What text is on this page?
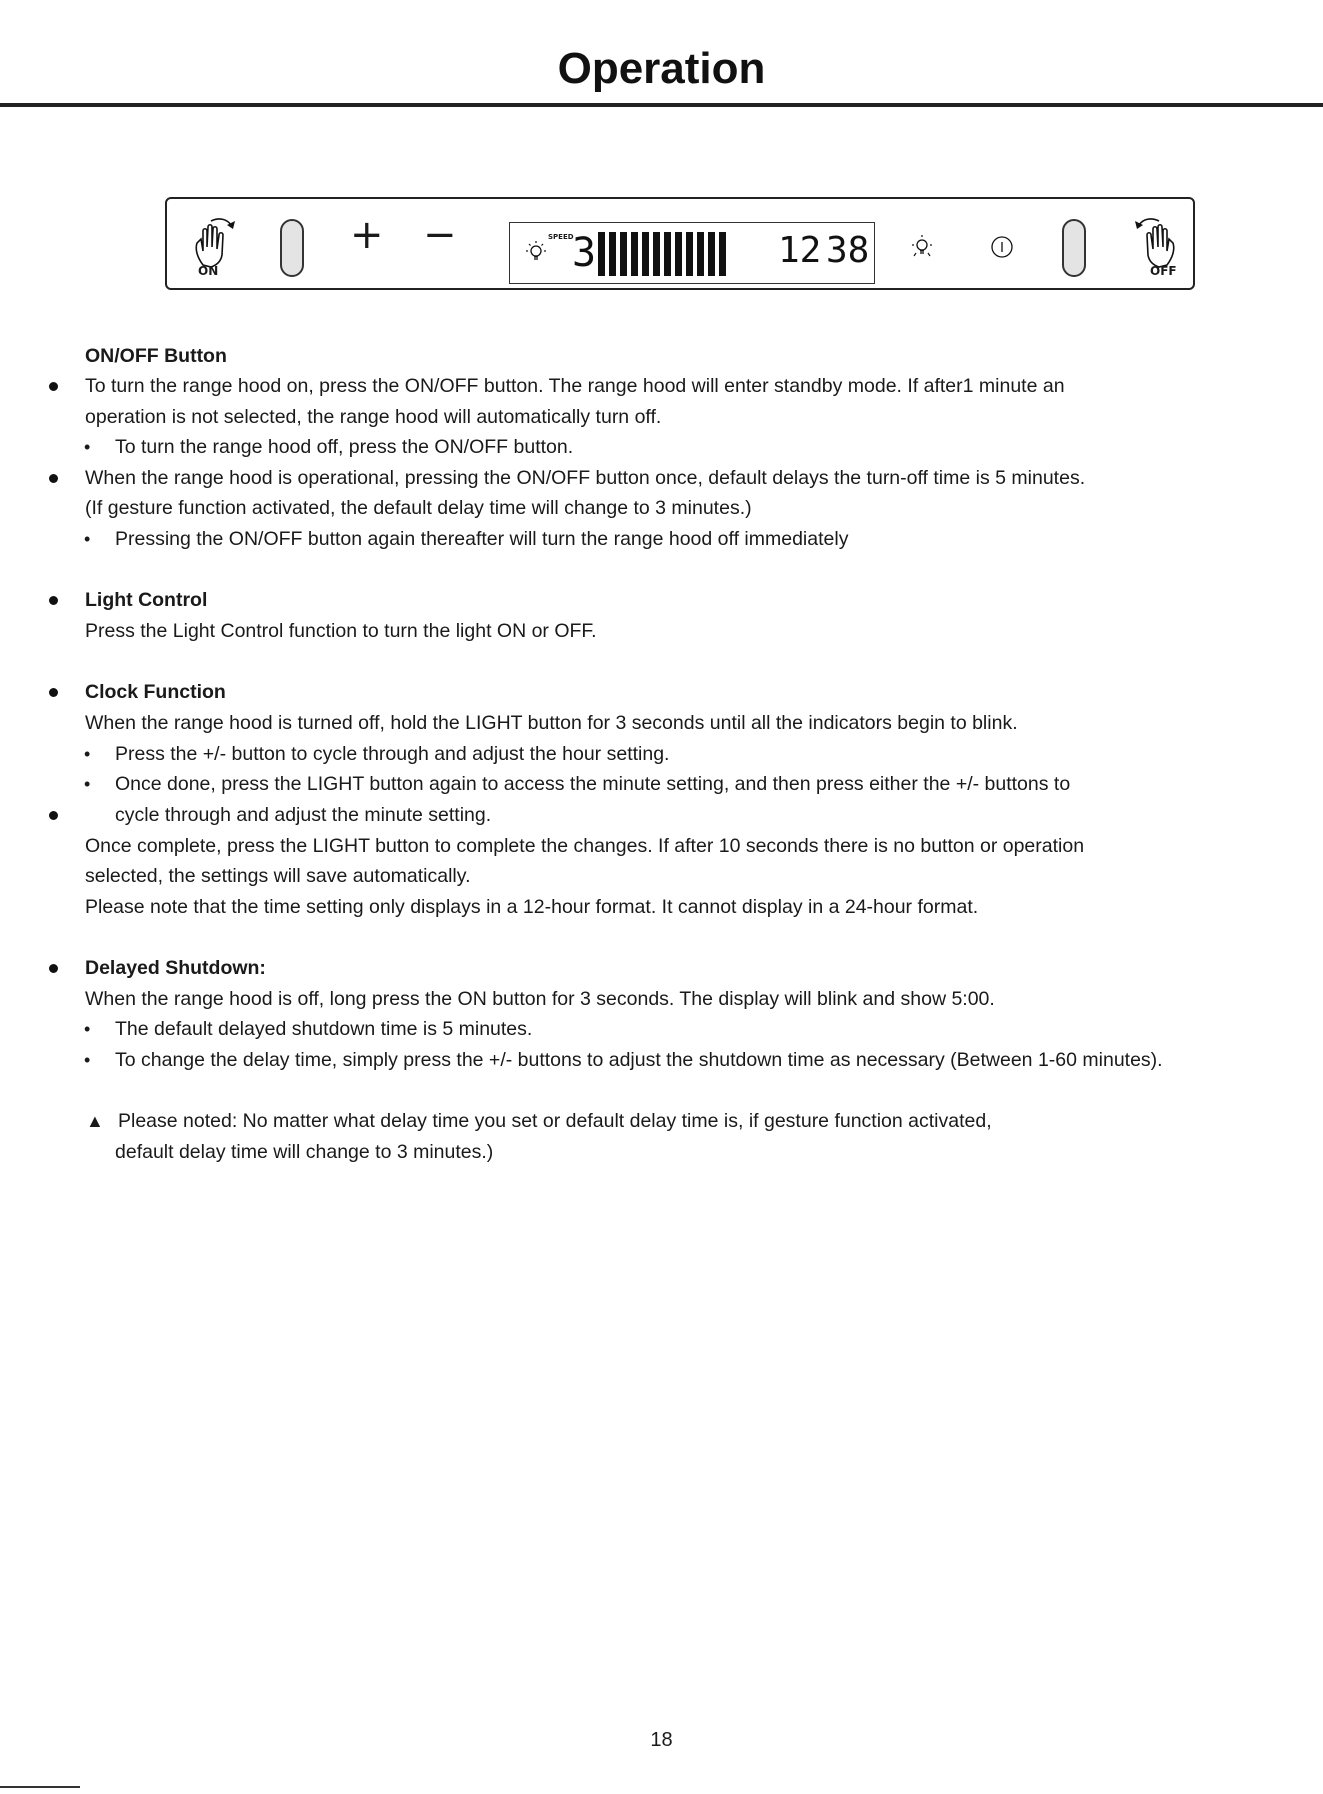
Operation
ON
+ −	SPEED
3	12 38	OFF
ON/OFF Button
To turn the range hood on, press the ON/OFF button. The range hood will enter standby mode. If after1 minute an
operation is not selected, the range hood will automatically turn off.
• To turn the range hood off, press the ON/OFF button.
When the range hood is operational, pressing the ON/OFF button once, default delays the turn-off time is 5 minutes.
(If gesture function activated, the default delay time will change to 3 minutes.)
• Pressing the ON/OFF button again thereafter will turn the range hood off immediately
Light Control
Press the Light Control function to turn the light ON or OFF.
Clock Function
When the range hood is turned off, hold the LIGHT button for 3 seconds until all the indicators begin to blink.
• Press the +/- button to cycle through and adjust the hour setting.
• Once done, press the LIGHT button again to access the minute setting, and then press either the +/- buttons to
cycle through and adjust the minute setting.
Once complete, press the LIGHT button to complete the changes. If after 10 seconds there is no button or operation
selected, the settings will save automatically.
Please note that the time setting only displays in a 12-hour format. It cannot display in a 24-hour format.
Delayed Shutdown:
When the range hood is off, long press the ON button for 3 seconds. The display will blink and show 5:00.
• The default delayed shutdown time is 5 minutes.
• To change the delay time, simply press the +/- buttons to adjust the shutdown time as necessary (Between 1-60 minutes).
▲ Please noted: No matter what delay time you set or default delay time is, if gesture function activated,
default delay time will change to 3 minutes.)
18
